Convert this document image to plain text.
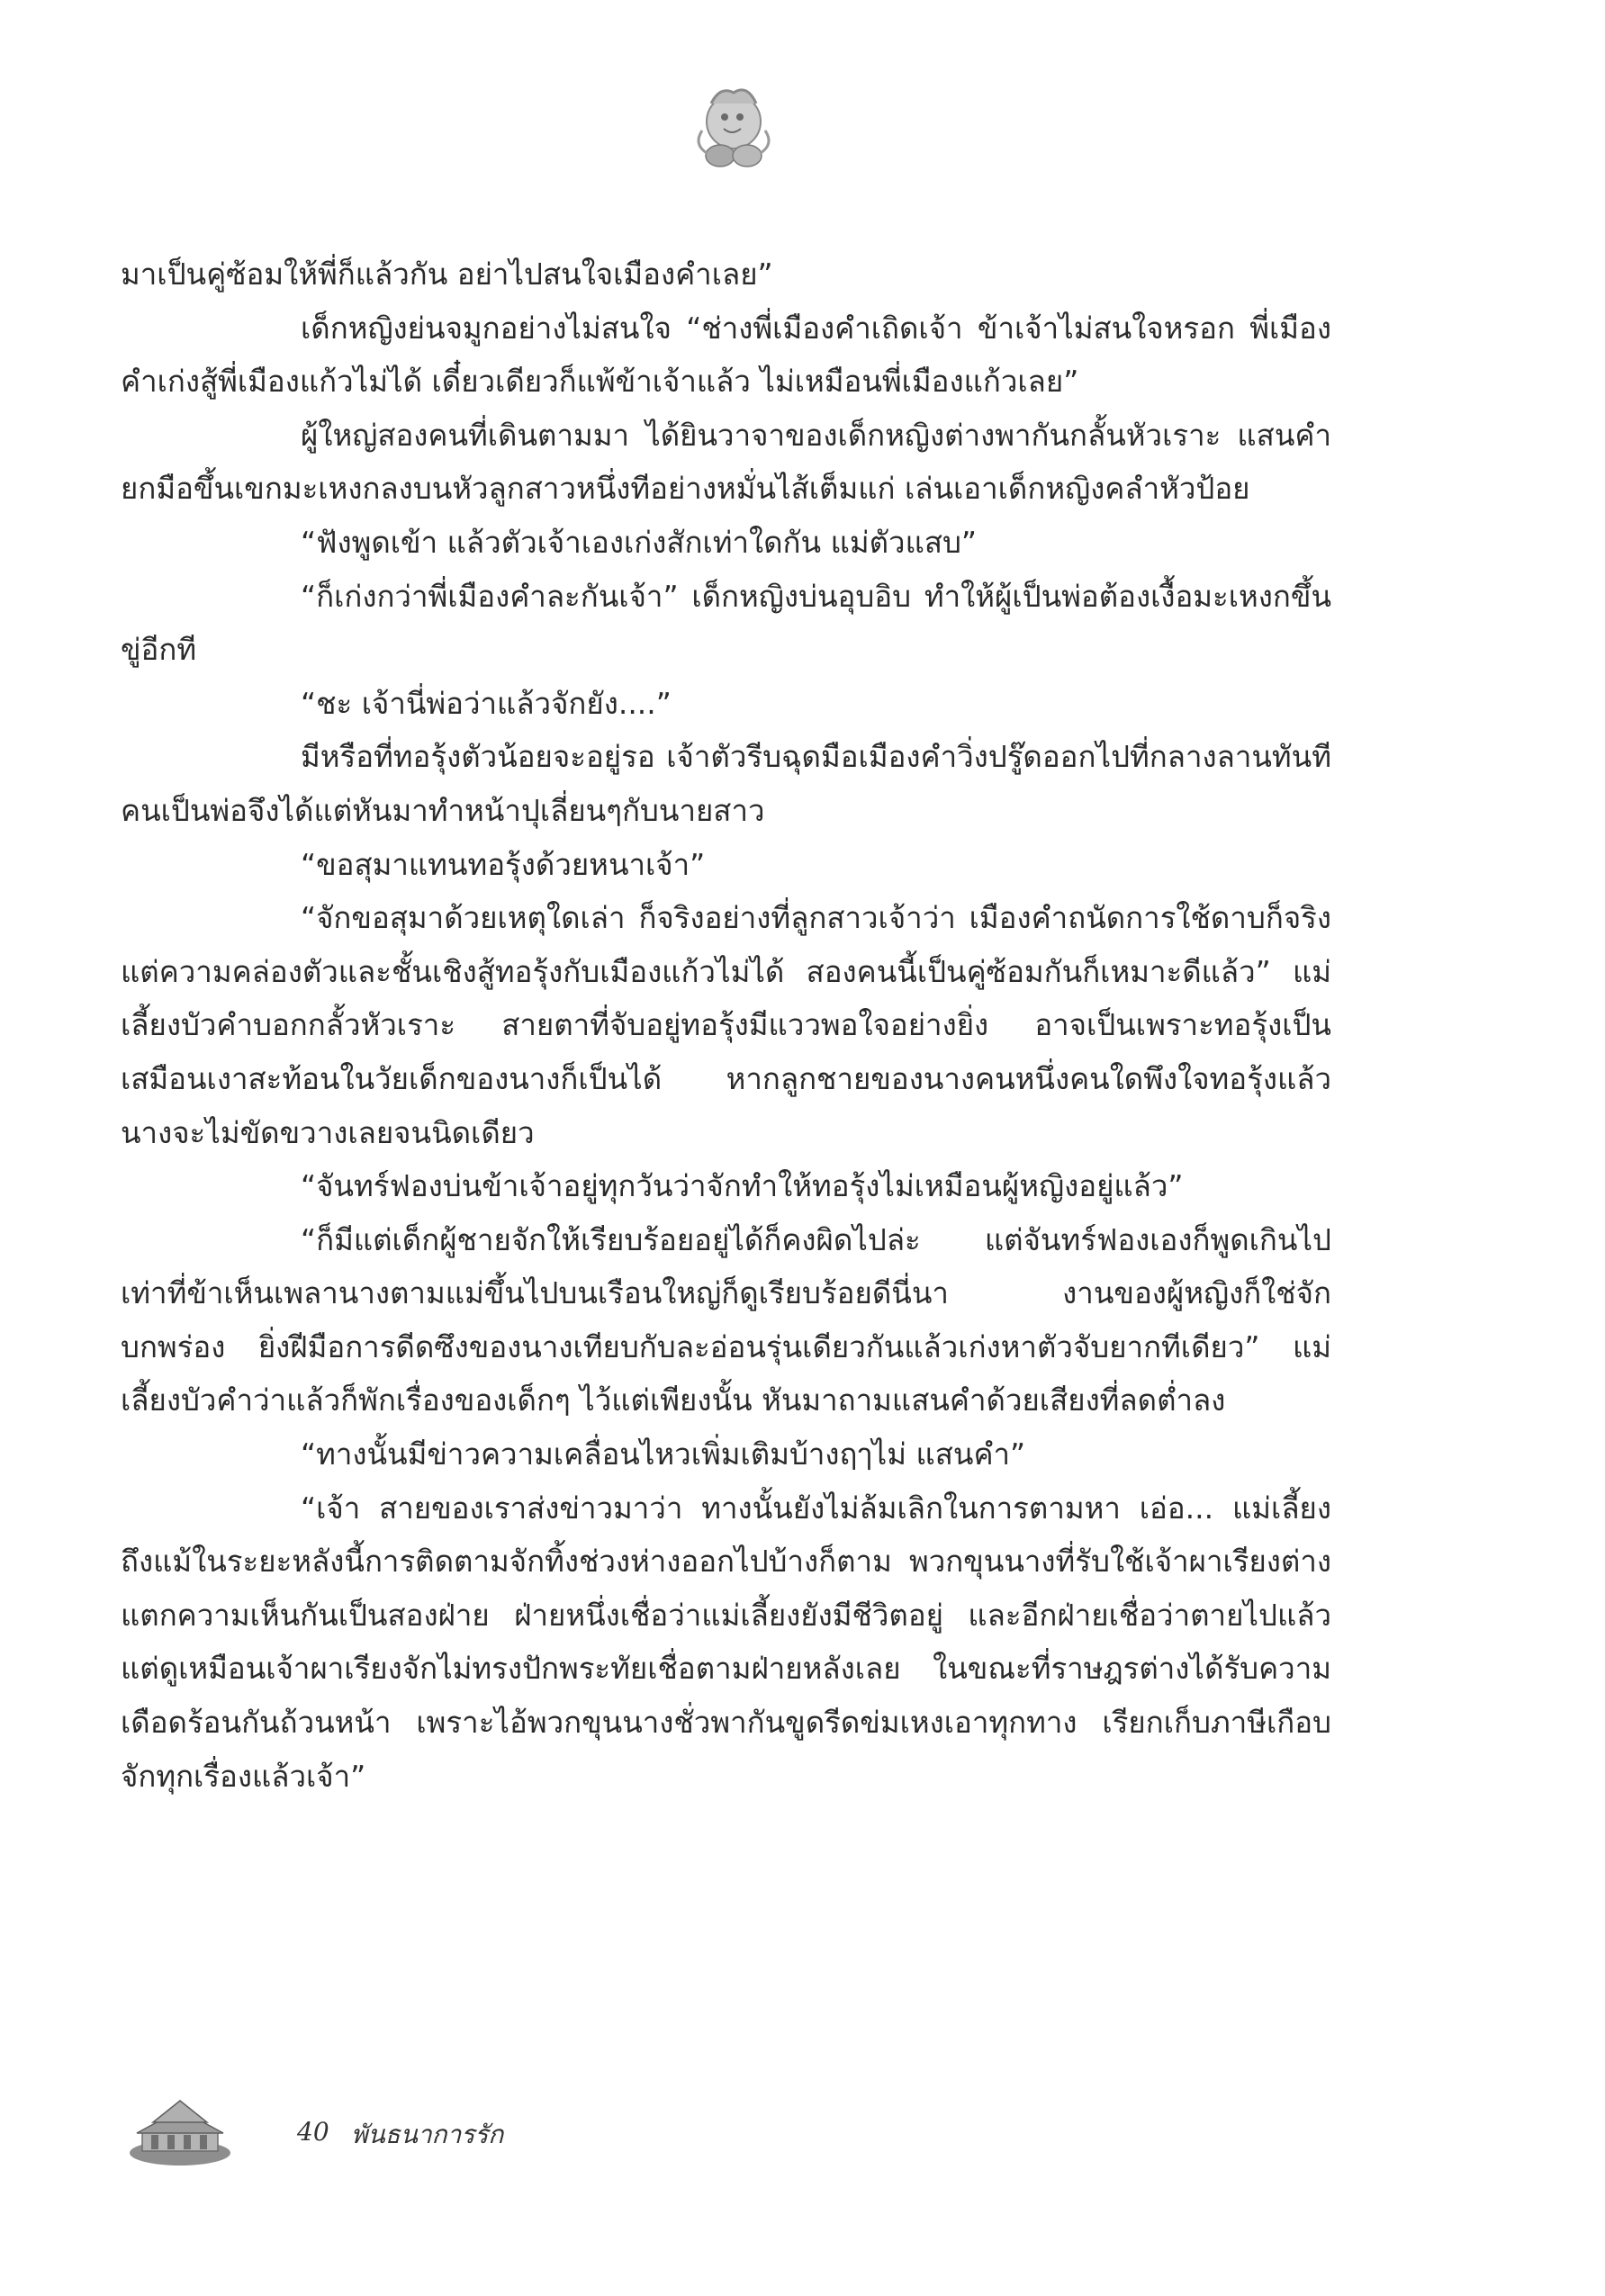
มาเป็นคู่ซ้อมให้พี่ก็แล้วกัน อย่าไปสนใจเมืองคำเลย”

เด็กหญิงย่นจมูกอย่างไม่สนใจ “ช่างพี่เมืองคำเถิดเจ้า ข้าเจ้าไม่สนใจหรอก พี่เมืองคำเก่งสู้พี่เมืองแก้วไม่ได้ เดี๋ยวเดียวก็แพ้ข้าเจ้าแล้ว ไม่เหมือนพี่เมืองแก้วเลย”

ผู้ใหญ่สองคนที่เดินตามมา ได้ยินวาจาของเด็กหญิงต่างพากันกลั้นหัวเราะ แสนคำยกมือขึ้นเขกมะเหงกลงบนหัวลูกสาวหนึ่งทีอย่างหมั่นไส้เต็มแก่ เล่นเอาเด็กหญิงคลำหัวป้อย

“ฟังพูดเข้า แล้วตัวเจ้าเองเก่งสักเท่าใดกัน แม่ตัวแสบ”

“ก็เก่งกว่าพี่เมืองคำละกันเจ้า” เด็กหญิงบ่นอุบอิบ ทำให้ผู้เป็นพ่อต้องเงื้อมะเหงกขึ้นขู่อีกที

“ชะ เจ้านี่พ่อว่าแล้วจักยัง....”

มีหรือที่ทอรุ้งตัวน้อยจะอยู่รอ เจ้าตัวรีบฉุดมือเมืองคำวิ่งปรู๊ดออกไปที่กลางลานทันที คนเป็นพ่อจึงได้แต่หันมาทำหน้าปุเลี่ยนๆกับนายสาว

“ขอสุมาแทนทอรุ้งด้วยหนาเจ้า”

“จักขอสุมาด้วยเหตุใดเล่า ก็จริงอย่างที่ลูกสาวเจ้าว่า เมืองคำถนัดการใช้ดาบก็จริง แต่ความคล่องตัวและชั้นเชิงสู้ทอรุ้งกับเมืองแก้วไม่ได้ สองคนนี้เป็นคู่ซ้อมกันก็เหมาะดีแล้ว” แม่เลี้ยงบัวคำบอกกลั้วหัวเราะ สายตาที่จับอยู่ทอรุ้งมีแววพอใจอย่างยิ่ง อาจเป็นเพราะทอรุ้งเป็นเสมือนเงาสะท้อนในวัยเด็กของนางก็เป็นได้ หากลูกชายของนางคนหนึ่งคนใดพึงใจทอรุ้งแล้ว นางจะไม่ขัดขวางเลยจนนิดเดียว

“จันทร์ฟองบ่นข้าเจ้าอยู่ทุกวันว่าจักทำให้ทอรุ้งไม่เหมือนผู้หญิงอยู่แล้ว”

“ก็มีแต่เด็กผู้ชายจักให้เรียบร้อยอยู่ได้ก็คงผิดไปล่ะ แต่จันทร์ฟองเองก็พูดเกินไป เท่าที่ข้าเห็นเพลานางตามแม่ขึ้นไปบนเรือนใหญ่ก็ดูเรียบร้อยดีนี่นา งานของผู้หญิงก็ใช่จักบกพร่อง ยิ่งฝีมือการดีดซึงของนางเทียบกับละอ่อนรุ่นเดียวกันแล้วเก่งหาตัวจับยากทีเดียว” แม่เลี้ยงบัวคำว่าแล้วก็พักเรื่องของเด็กๆ ไว้แต่เพียงนั้น หันมาถามแสนคำด้วยเสียงที่ลดต่ำลง

“ทางนั้นมีข่าวความเคลื่อนไหวเพิ่มเติมบ้างฤๅไม่ แสนคำ”

“เจ้า สายของเราส่งข่าวมาว่า ทางนั้นยังไม่ล้มเลิกในการตามหา เอ่อ... แม่เลี้ยง ถึงแม้ในระยะหลังนี้การติดตามจักทิ้งช่วงห่างออกไปบ้างก็ตาม พวกขุนนางที่รับใช้เจ้าผาเรียงต่างแตกความเห็นกันเป็นสองฝ่าย ฝ่ายหนึ่งเชื่อว่าแม่เลี้ยงยังมีชีวิตอยู่ และอีกฝ่ายเชื่อว่าตายไปแล้ว แต่ดูเหมือนเจ้าผาเรียงจักไม่ทรงปักพระทัยเชื่อตามฝ่ายหลังเลย ในขณะที่ราษฎรต่างได้รับความเดือดร้อนกันถ้วนหน้า เพราะไอ้พวกขุนนางชั่วพากันขูดรีดข่มเหงเอาทุกทาง เรียกเก็บภาษีเกือบจักทุกเรื่องแล้วเจ้า”

40 พันธนาการรัก
